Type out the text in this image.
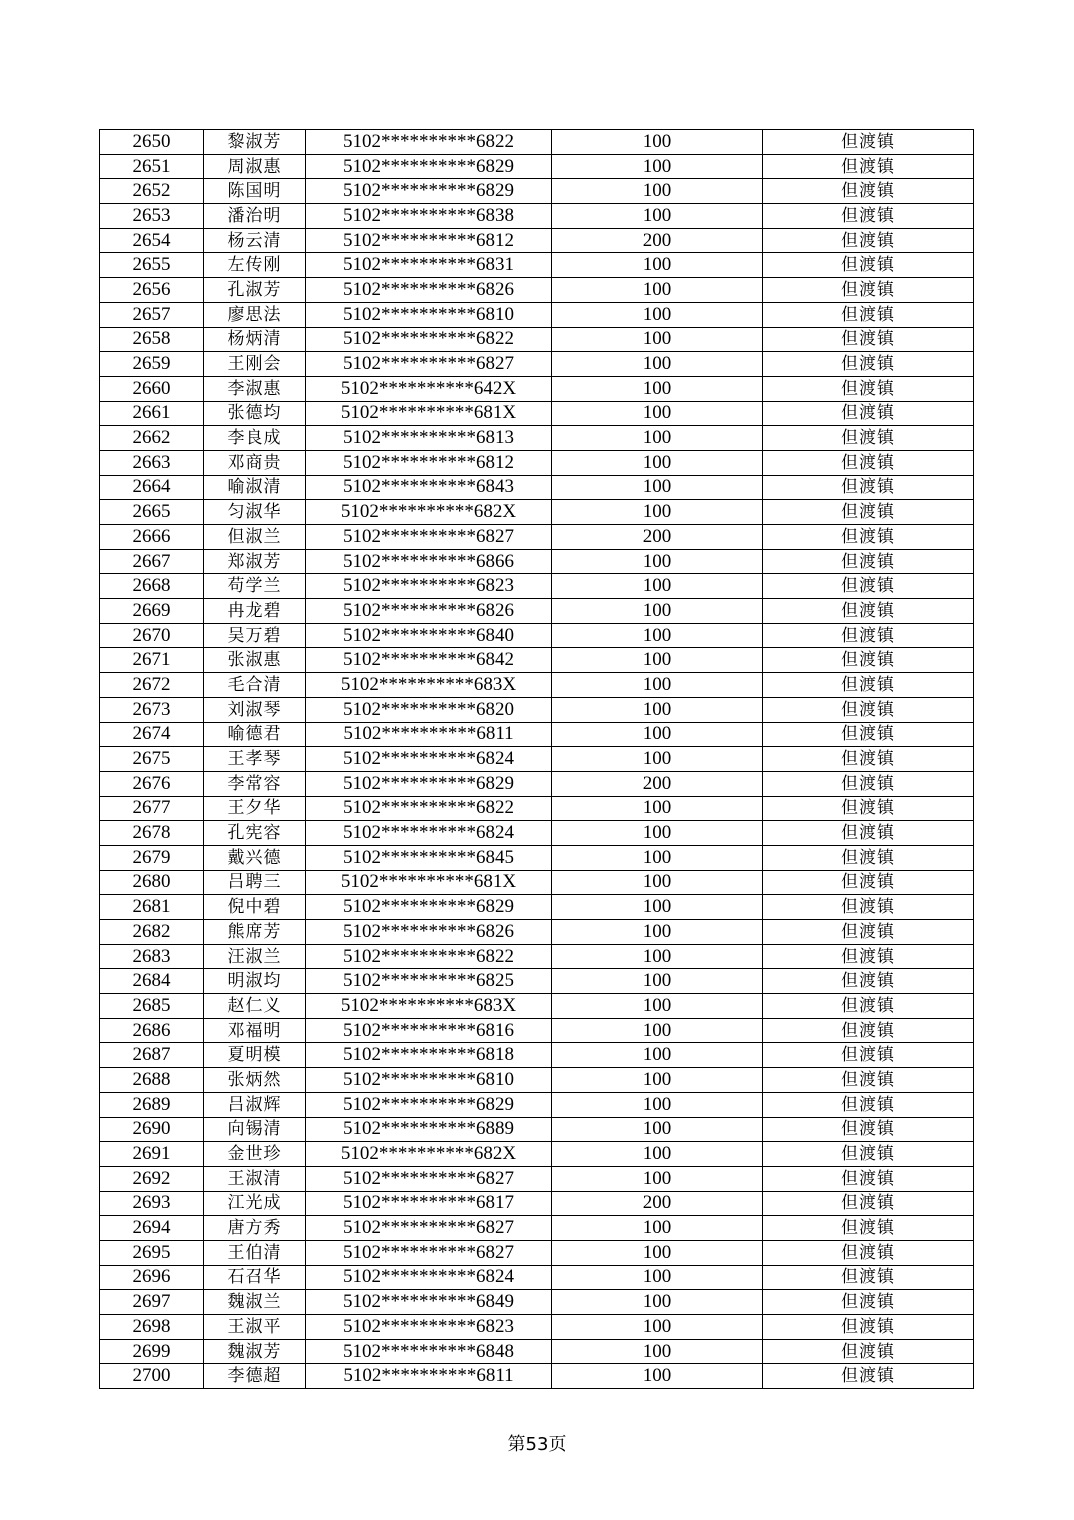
2650	黎淑芳	5102**********6822	100	但渡镇
2651	周淑惠	5102**********6829	100	但渡镇
2652	陈国明	5102**********6829	100	但渡镇
2653	潘治明	5102**********6838	100	但渡镇
2654	杨云清	5102**********6812	200	但渡镇
2655	左传刚	5102**********6831	100	但渡镇
2656	孔淑芳	5102**********6826	100	但渡镇
2657	廖思法	5102**********6810	100	但渡镇
2658	杨炳清	5102**********6822	100	但渡镇
2659	王刚会	5102**********6827	100	但渡镇
2660	李淑惠	5102**********642X	100	但渡镇
2661	张德均	5102**********681X	100	但渡镇
2662	李良成	5102**********6813	100	但渡镇
2663	邓商贵	5102**********6812	100	但渡镇
2664	喻淑清	5102**********6843	100	但渡镇
2665	匀淑华	5102**********682X	100	但渡镇
2666	但淑兰	5102**********6827	200	但渡镇
2667	郑淑芳	5102**********6866	100	但渡镇
2668	苟学兰	5102**********6823	100	但渡镇
2669	冉龙碧	5102**********6826	100	但渡镇
2670	吴万碧	5102**********6840	100	但渡镇
2671	张淑惠	5102**********6842	100	但渡镇
2672	毛合清	5102**********683X	100	但渡镇
2673	刘淑琴	5102**********6820	100	但渡镇
2674	喻德君	5102**********6811	100	但渡镇
2675	王孝琴	5102**********6824	100	但渡镇
2676	李常容	5102**********6829	200	但渡镇
2677	王夕华	5102**********6822	100	但渡镇
2678	孔宪容	5102**********6824	100	但渡镇
2679	戴兴德	5102**********6845	100	但渡镇
2680	吕聘三	5102**********681X	100	但渡镇
2681	倪中碧	5102**********6829	100	但渡镇
2682	熊席芳	5102**********6826	100	但渡镇
2683	汪淑兰	5102**********6822	100	但渡镇
2684	明淑均	5102**********6825	100	但渡镇
2685	赵仁义	5102**********683X	100	但渡镇
2686	邓福明	5102**********6816	100	但渡镇
2687	夏明模	5102**********6818	100	但渡镇
2688	张炳然	5102**********6810	100	但渡镇
2689	吕淑辉	5102**********6829	100	但渡镇
2690	向锡清	5102**********6889	100	但渡镇
2691	金世珍	5102**********682X	100	但渡镇
2692	王淑清	5102**********6827	100	但渡镇
2693	江光成	5102**********6817	200	但渡镇
2694	唐方秀	5102**********6827	100	但渡镇
2695	王伯清	5102**********6827	100	但渡镇
2696	石召华	5102**********6824	100	但渡镇
2697	魏淑兰	5102**********6849	100	但渡镇
2698	王淑平	5102**********6823	100	但渡镇
2699	魏淑芳	5102**********6848	100	但渡镇
2700	李德超	5102**********6811	100	但渡镇
第53页
